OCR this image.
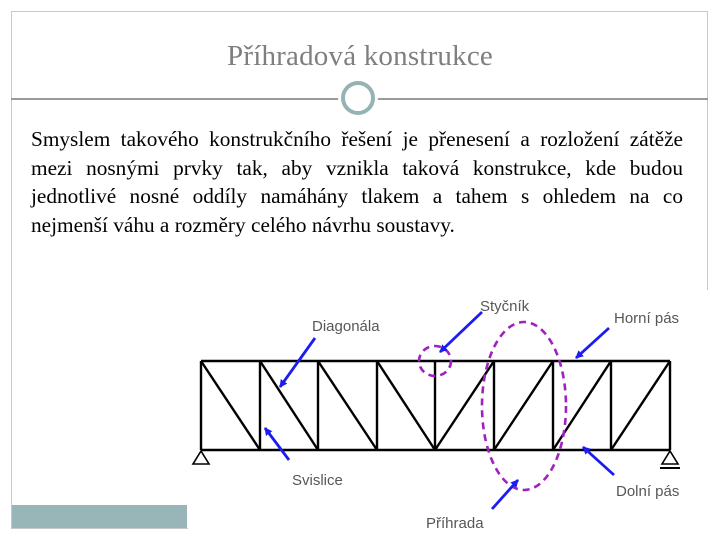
Příhradová konstrukce
Smyslem takového konstrukčního řešení je přenesení a rozložení zátěže mezi nosnými prvky tak, aby vznikla taková konstrukce, kde budou jednotlivé nosné oddíly namáhány tlakem a tahem s ohledem na co nejmenší váhu a rozměry celého návrhu soustavy.
Diagonála
Styčník
Horní pás
Svislice
Dolní pás
Příhrada
